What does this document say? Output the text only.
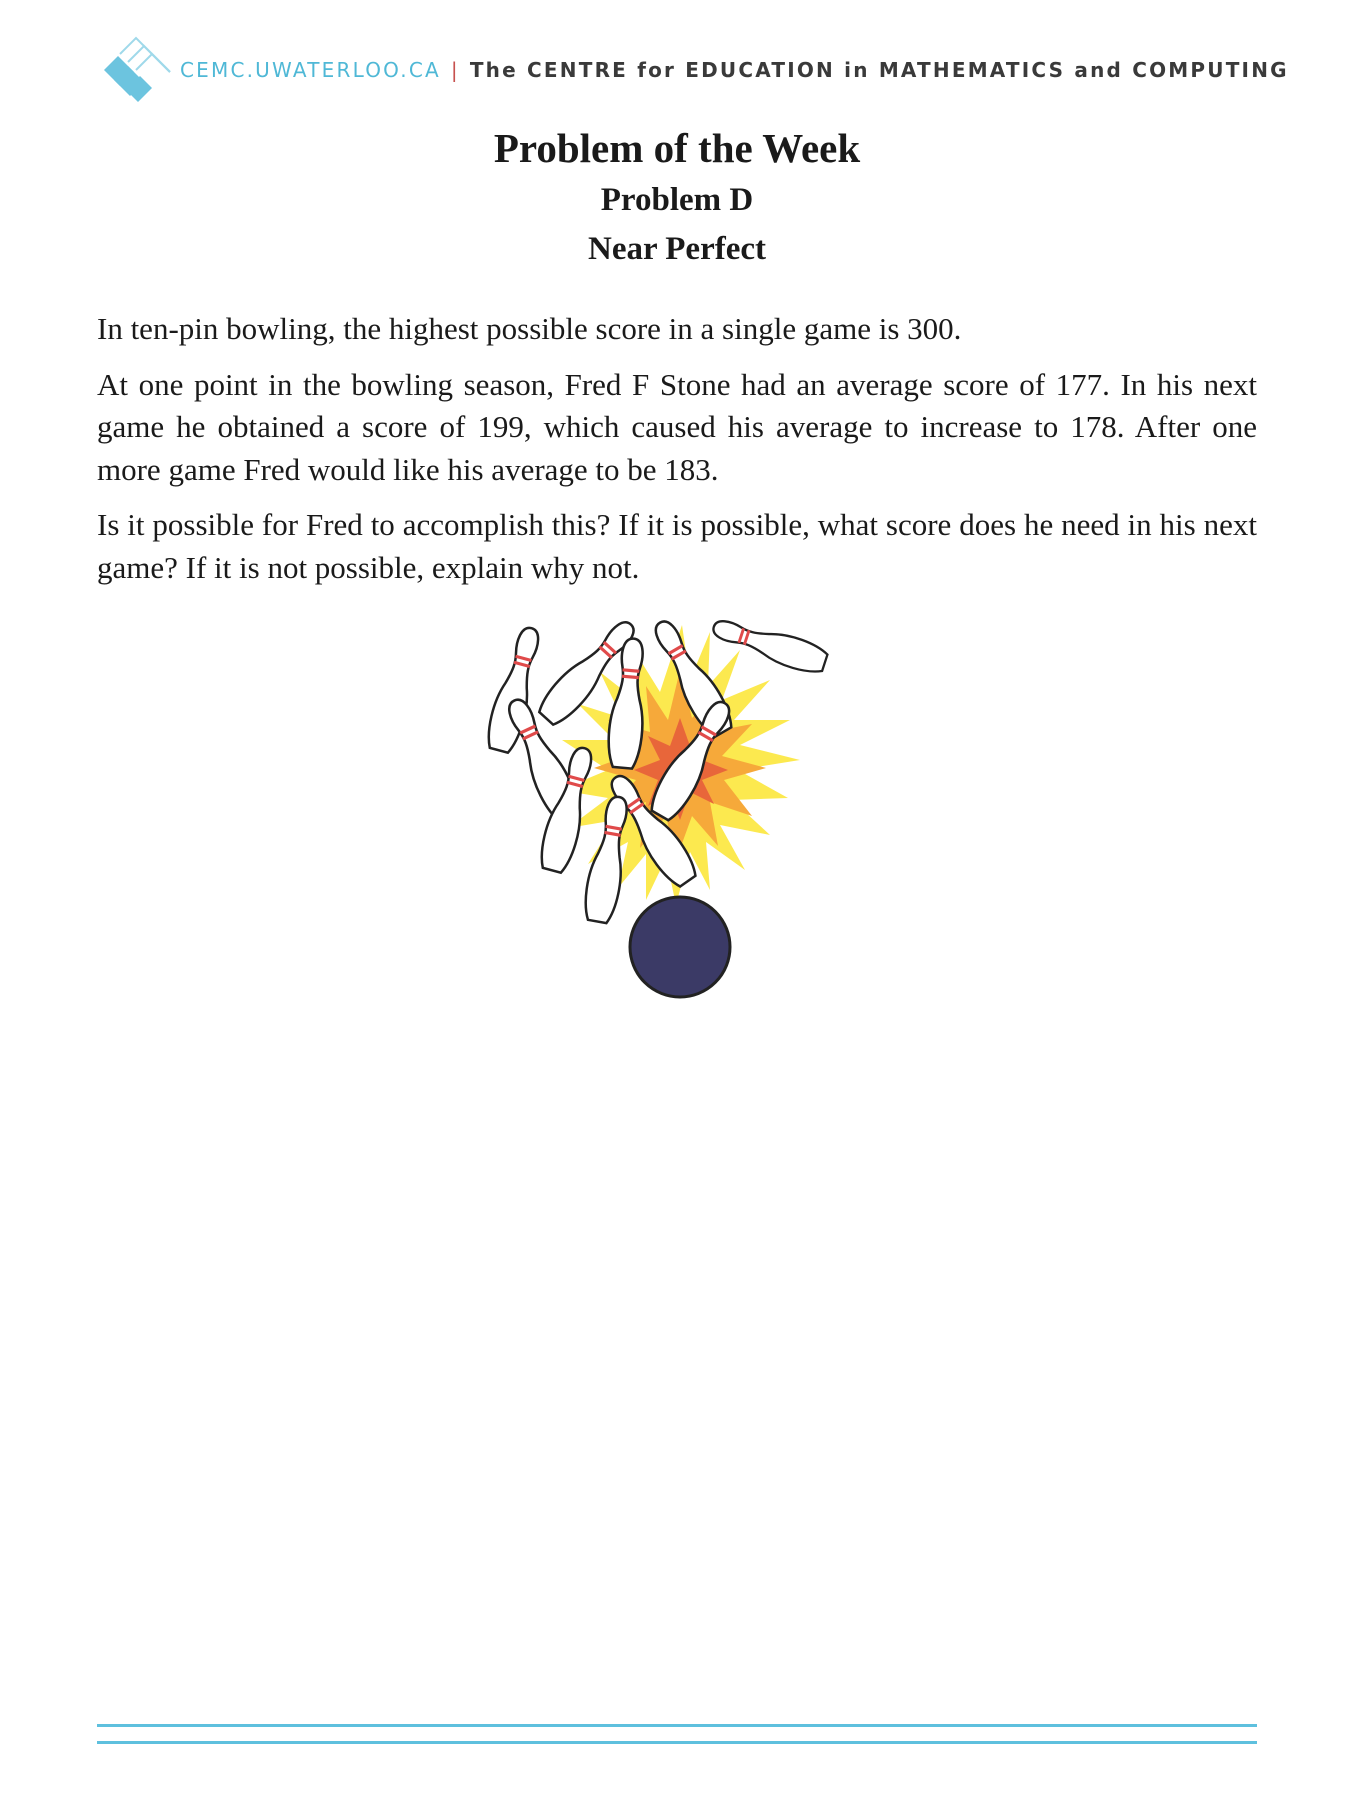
CEMC.UWATERLOO.CA | The CENTRE for EDUCATION in MATHEMATICS and COMPUTING
Problem of the Week
Problem D
Near Perfect

In ten-pin bowling, the highest possible score in a single game is 300.

At one point in the bowling season, Fred F Stone had an average score of 177. In his next game he obtained a score of 199, which caused his average to increase to 178. After one more game Fred would like his average to be 183.

Is it possible for Fred to accomplish this? If it is possible, what score does he need in his next game? If it is not possible, explain why not.
